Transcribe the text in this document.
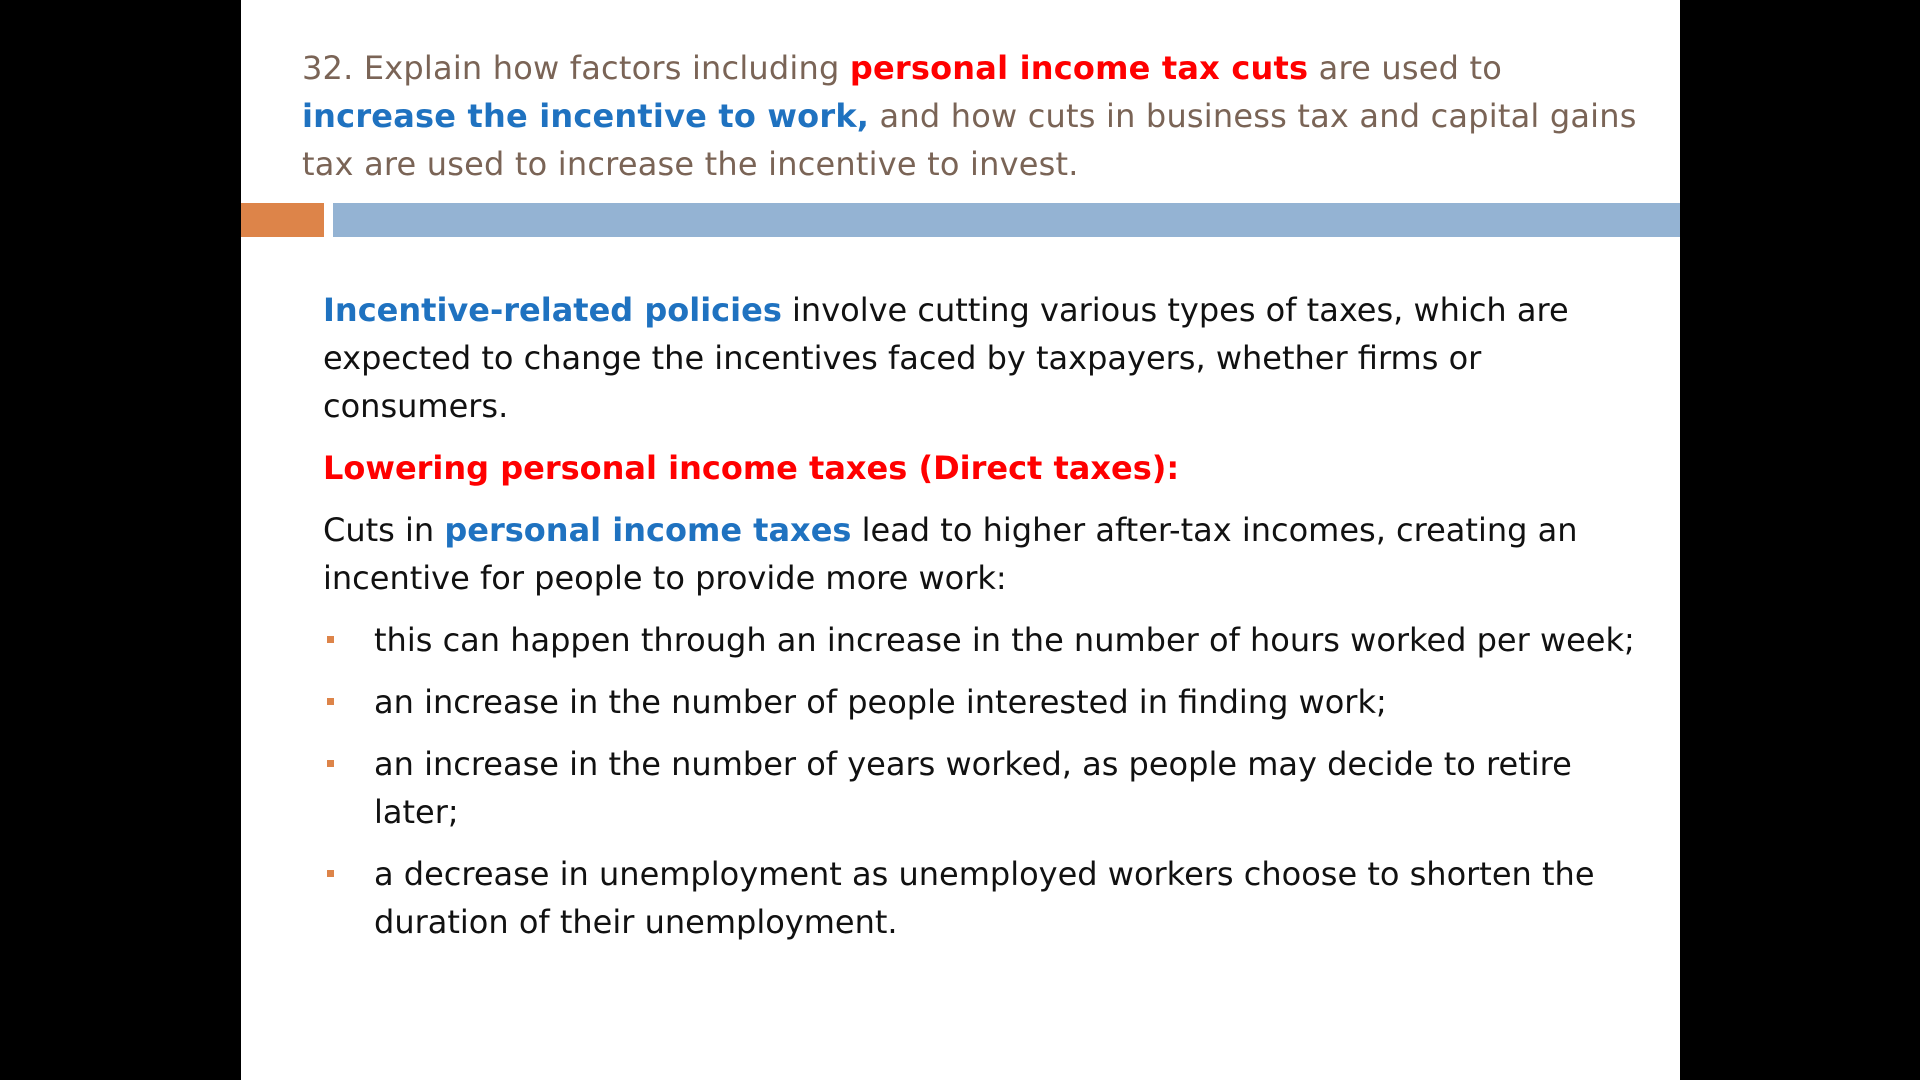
32. Explain how factors including personal income tax cuts are used to increase the incentive to work, and how cuts in business tax and capital gains tax are used to increase the incentive to invest.

Incentive-related policies involve cutting various types of taxes, which are expected to change the incentives faced by taxpayers, whether firms or consumers.

Lowering personal income taxes (Direct taxes):

Cuts in personal income taxes lead to higher after-tax incomes, creating an incentive for people to provide more work:

this can happen through an increase in the number of hours worked per week;
an increase in the number of people interested in finding work;
an increase in the number of years worked, as people may decide to retire later;
a decrease in unemployment as unemployed workers choose to shorten the duration of their unemployment.
